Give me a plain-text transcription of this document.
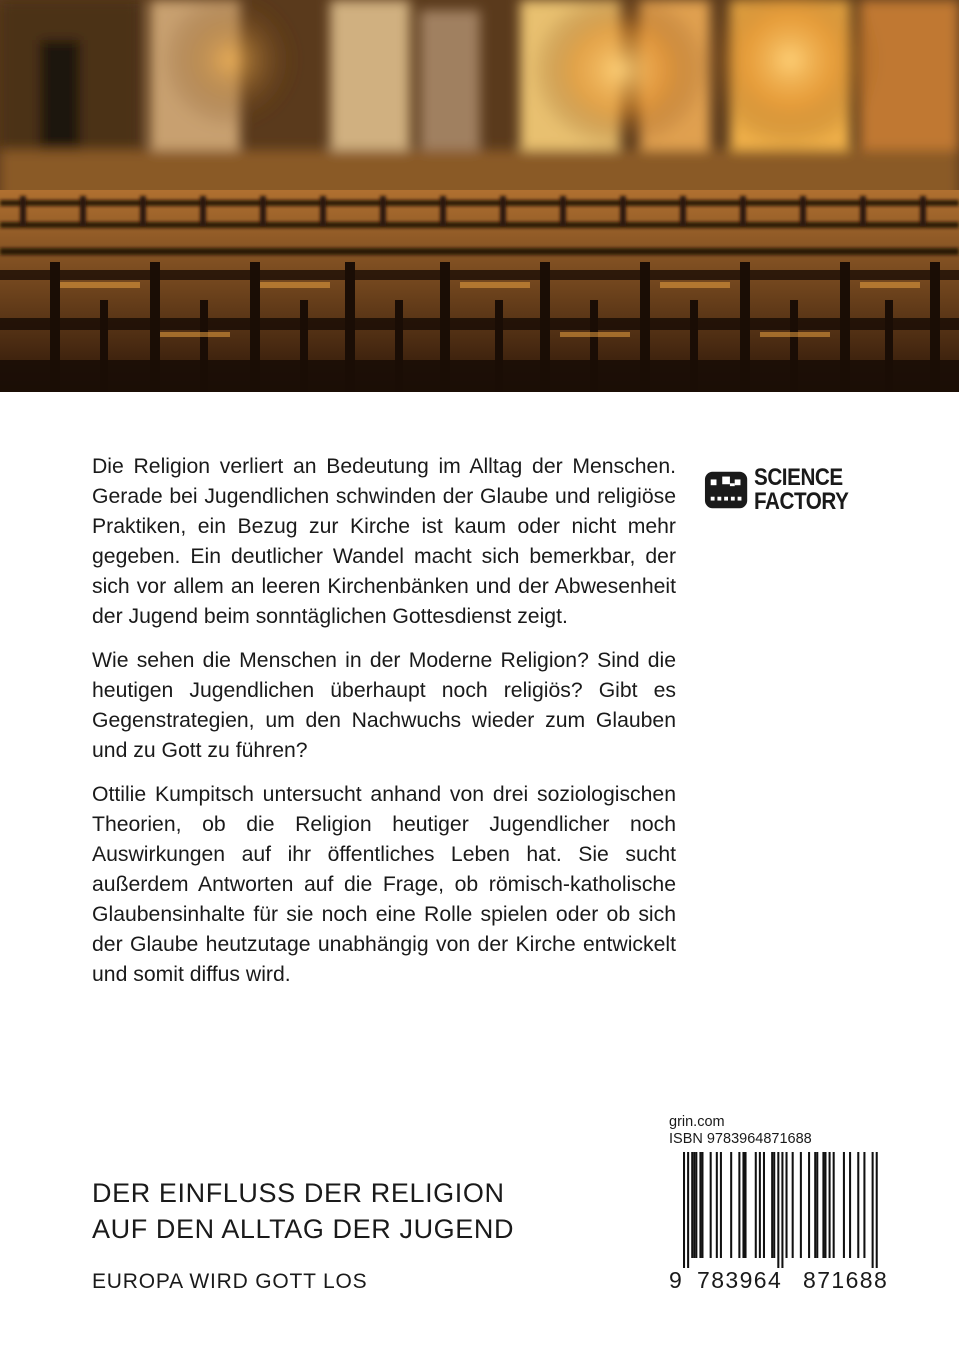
Die Religion verliert an Bedeutung im Alltag der Menschen. Gerade bei Jugendlichen schwinden der Glaube und religiöse Praktiken, ein Bezug zur Kirche ist kaum oder nicht mehr gegeben. Ein deutlicher Wandel macht sich bemerkbar, der sich vor allem an leeren Kirchenbänken und der Abwesenheit der Jugend beim sonntäglichen Gottesdienst zeigt.

Wie sehen die Menschen in der Moderne Religion? Sind die heutigen Jugendlichen überhaupt noch religiös? Gibt es Gegenstrategien, um den Nachwuchs wieder zum Glauben und zu Gott zu führen?

Ottilie Kumpitsch untersucht anhand von drei soziologischen Theorien, ob die Religion heutiger Jugendlicher noch Auswirkungen auf ihr öffentliches Leben hat. Sie sucht außerdem Antworten auf die Frage, ob römisch-katholische Glaubensinhalte für sie noch eine Rolle spielen oder ob sich der Glaube heutzutage unabhängig von der Kirche entwickelt und somit diffus wird.

SCIENCE
FACTORY
DER EINFLUSS DER RELIGION
AUF DEN ALLTAG DER JUGEND
EUROPA WIRD GOTT LOS
grin.com
ISBN 9783964871688
9 783964 871688
